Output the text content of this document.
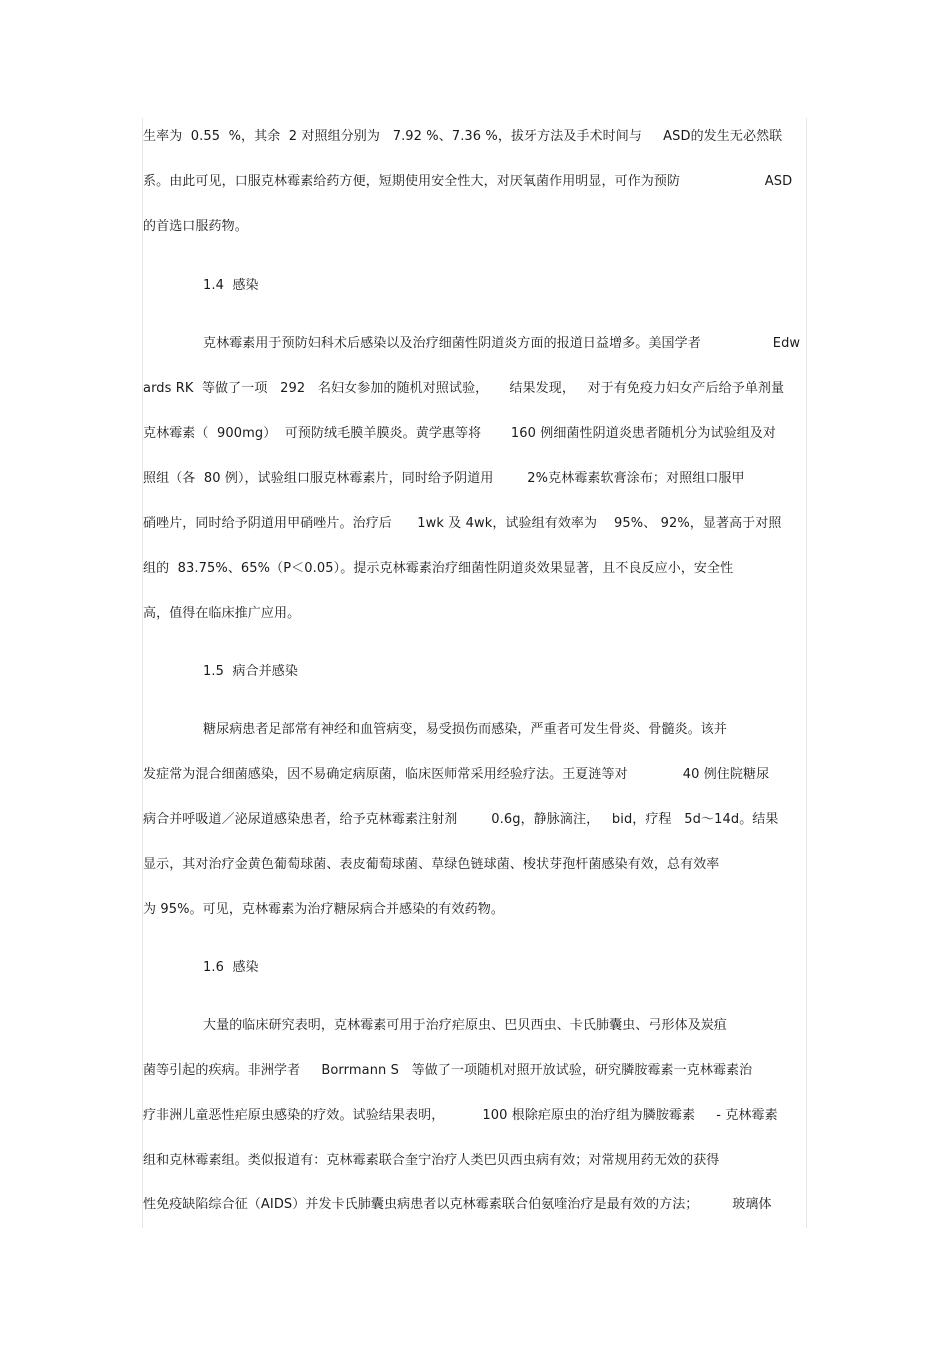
生率为  0.55  %，其余  2 对照组分别为   7.92 %、7.36 %，拔牙方法及手术时间与     ASD的发生无必然联
系。由此可见，口服克林霉素给药方便，短期使用安全性大，对厌氧菌作用明显，可作为预防                    ASD
的首选口服药物。
1.4  感染
克林霉素用于预防妇科术后感染以及治疗细菌性阴道炎方面的报道日益增多。美国学者                 Edw
ards RK  等做了一项   292   名妇女参加的随机对照试验，     结果发现，   对于有免疫力妇女产后给予单剂量
克林霉素（  900mg）  可预防绒毛膜羊膜炎。黄学惠等将       160 例细菌性阴道炎患者随机分为试验组及对
照组（各  80 例），试验组口服克林霉素片，同时给予阴道用        2%克林霉素软膏涂布；对照组口服甲
硝唑片，同时给予阴道用甲硝唑片。治疗后      1wk 及 4wk，试验组有效率为    95%、 92%，显著高于对照
组的  83.75%、65%（P＜0.05）。提示克林霉素治疗细菌性阴道炎效果显著，且不良反应小，安全性
高，值得在临床推广应用。
1.5  病合并感染
糖尿病患者足部常有神经和血管病变，易受损伤而感染，严重者可发生骨炎、骨髓炎。该并
发症常为混合细菌感染，因不易确定病原菌，临床医师常采用经验疗法。王夏涟等对             40 例住院糖尿
病合并呼吸道／泌尿道感染患者，给予克林霉素注射剂        0.6g，静脉滴注，   bid，疗程   5d～14d。结果
显示，其对治疗金黄色葡萄球菌、表皮葡萄球菌、草绿色链球菌、梭状芽孢杆菌感染有效，总有效率
为 95%。可见，克林霉素为治疗糖尿病合并感染的有效药物。
1.6  感染
大量的临床研究表明，克林霉素可用于治疗疟原虫、巴贝西虫、卡氏肺囊虫、弓形体及炭疽
菌等引起的疾病。非洲学者     Borrmann S   等做了一项随机对照开放试验，研究膦胺霉素一克林霉素治
疗非洲儿童恶性疟原虫感染的疗效。试验结果表明，         100 根除疟原虫的治疗组为膦胺霉素     - 克林霉素
组和克林霉素组。类似报道有：克林霉素联合奎宁治疗人类巴贝西虫病有效；对常规用药无效的获得
性免疫缺陷综合征（AIDS）并发卡氏肺囊虫病患者以克林霉素联合伯氨喹治疗是最有效的方法；        玻璃体
